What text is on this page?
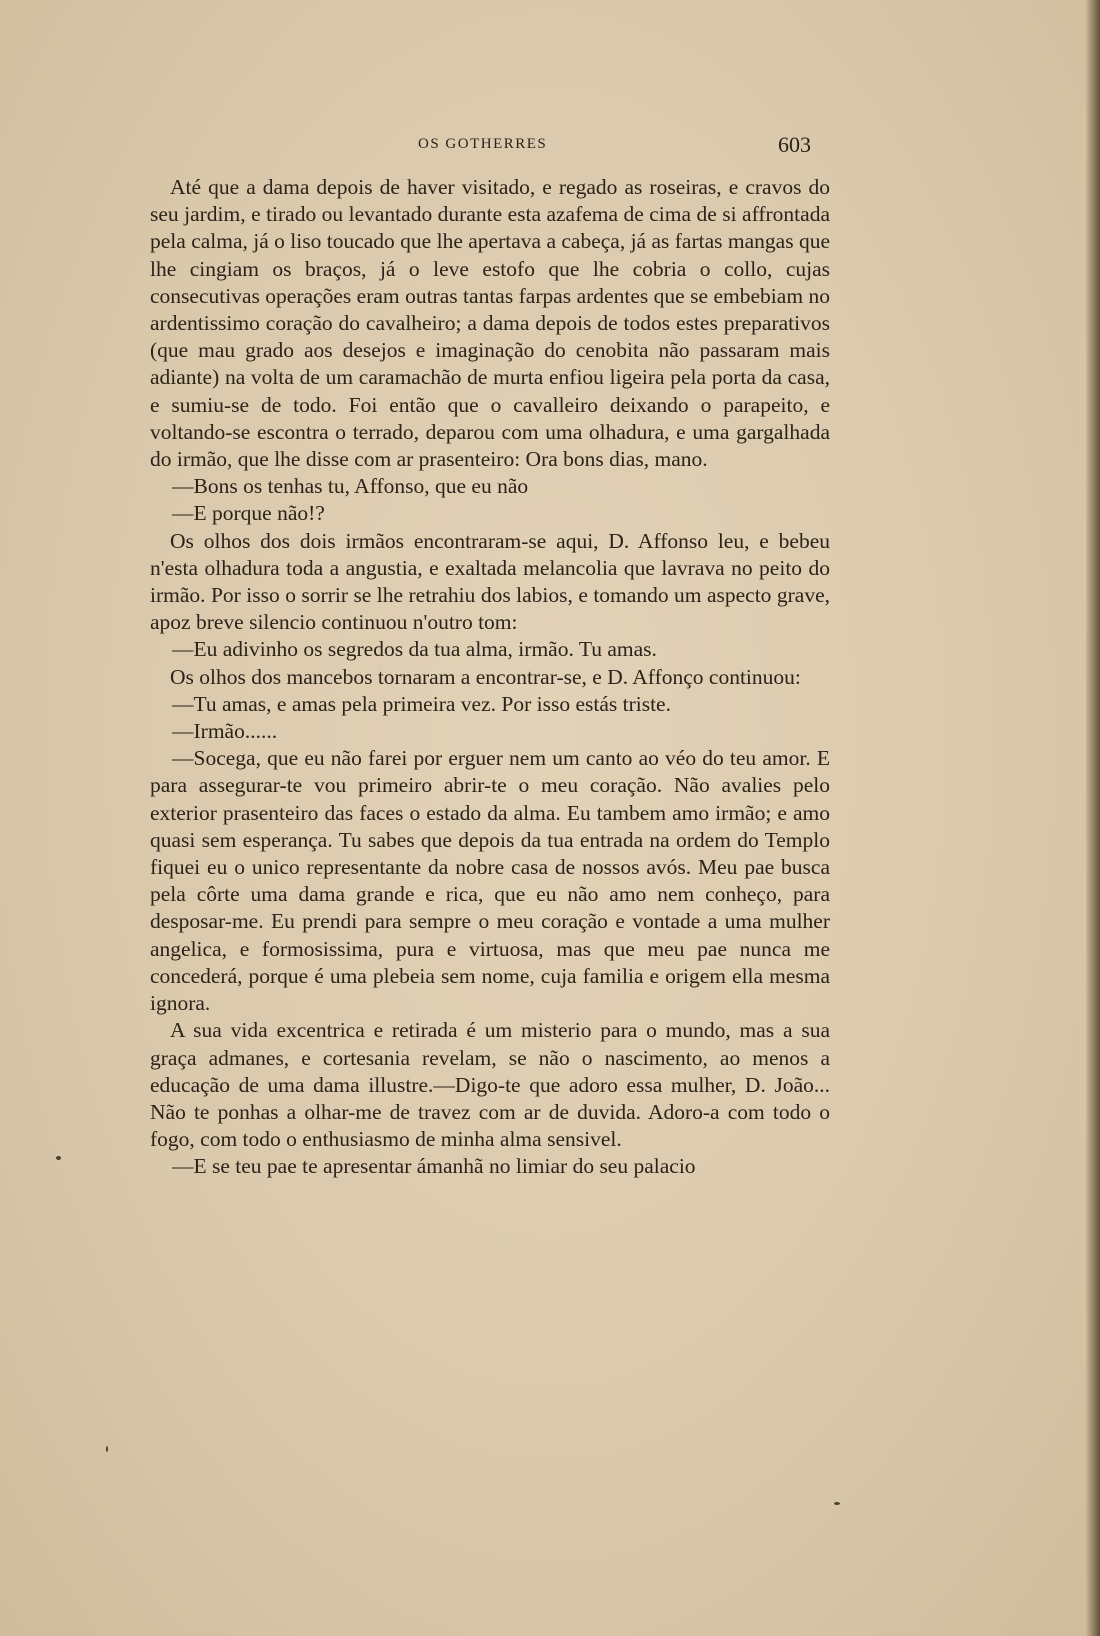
OS GOTHERRES	603

Até que a dama depois de haver visitado, e regado as roseiras, e cravos do seu jardim, e tirado ou levantado durante esta azafema de cima de si affrontada pela calma, já o liso toucado que lhe apertava a cabeça, já as fartas mangas que lhe cingiam os braços, já o leve estofo que lhe cobria o collo, cujas consecutivas operações eram outras tantas farpas ardentes que se embebiam no ardentissimo coração do cavalheiro; a dama depois de todos estes preparativos (que mau grado aos desejos e imaginação do cenobita não passaram mais adiante) na volta de um caramachão de murta enfiou ligeira pela porta da casa, e sumiu-se de todo. Foi então que o cavalleiro deixando o parapeito, e voltando-se escontra o terrado, deparou com uma olhadura, e uma gargalhada do irmão, que lhe disse com ar prasenteiro: Ora bons dias, mano.

—Bons os tenhas tu, Affonso, que eu não

—E porque não!?

Os olhos dos dois irmãos encontraram-se aqui, D. Affonso leu, e bebeu n'esta olhadura toda a angustia, e exaltada melancolia que lavrava no peito do irmão. Por isso o sorrir se lhe retrahiu dos labios, e tomando um aspecto grave, apoz breve silencio continuou n'outro tom:

—Eu adivinho os segredos da tua alma, irmão. Tu amas.

Os olhos dos mancebos tornaram a encontrar-se, e D. Affonço continuou:

—Tu amas, e amas pela primeira vez. Por isso estás triste.

—Irmão......

—Socega, que eu não farei por erguer nem um canto ao véo do teu amor. E para assegurar-te vou primeiro abrir-te o meu coração. Não avalies pelo exterior prasenteiro das faces o estado da alma. Eu tambem amo irmão; e amo quasi sem esperança. Tu sabes que depois da tua entrada na ordem do Templo fiquei eu o unico representante da nobre casa de nossos avós. Meu pae busca pela côrte uma dama grande e rica, que eu não amo nem conheço, para desposar-me. Eu prendi para sempre o meu coração e vontade a uma mulher angelica, e formosissima, pura e virtuosa, mas que meu pae nunca me concederá, porque é uma plebeia sem nome, cuja familia e origem ella mesma ignora.

A sua vida excentrica e retirada é um misterio para o mundo, mas a sua graça admanes, e cortesania revelam, se não o nascimento, ao menos a educação de uma dama illustre.—Digo-te que adoro essa mulher, D. João... Não te ponhas a olhar-me de travez com ar de duvida. Adoro-a com todo o fogo, com todo o enthusiasmo de minha alma sensivel.

—E se teu pae te apresentar ámanhã no limiar do seu palacio
